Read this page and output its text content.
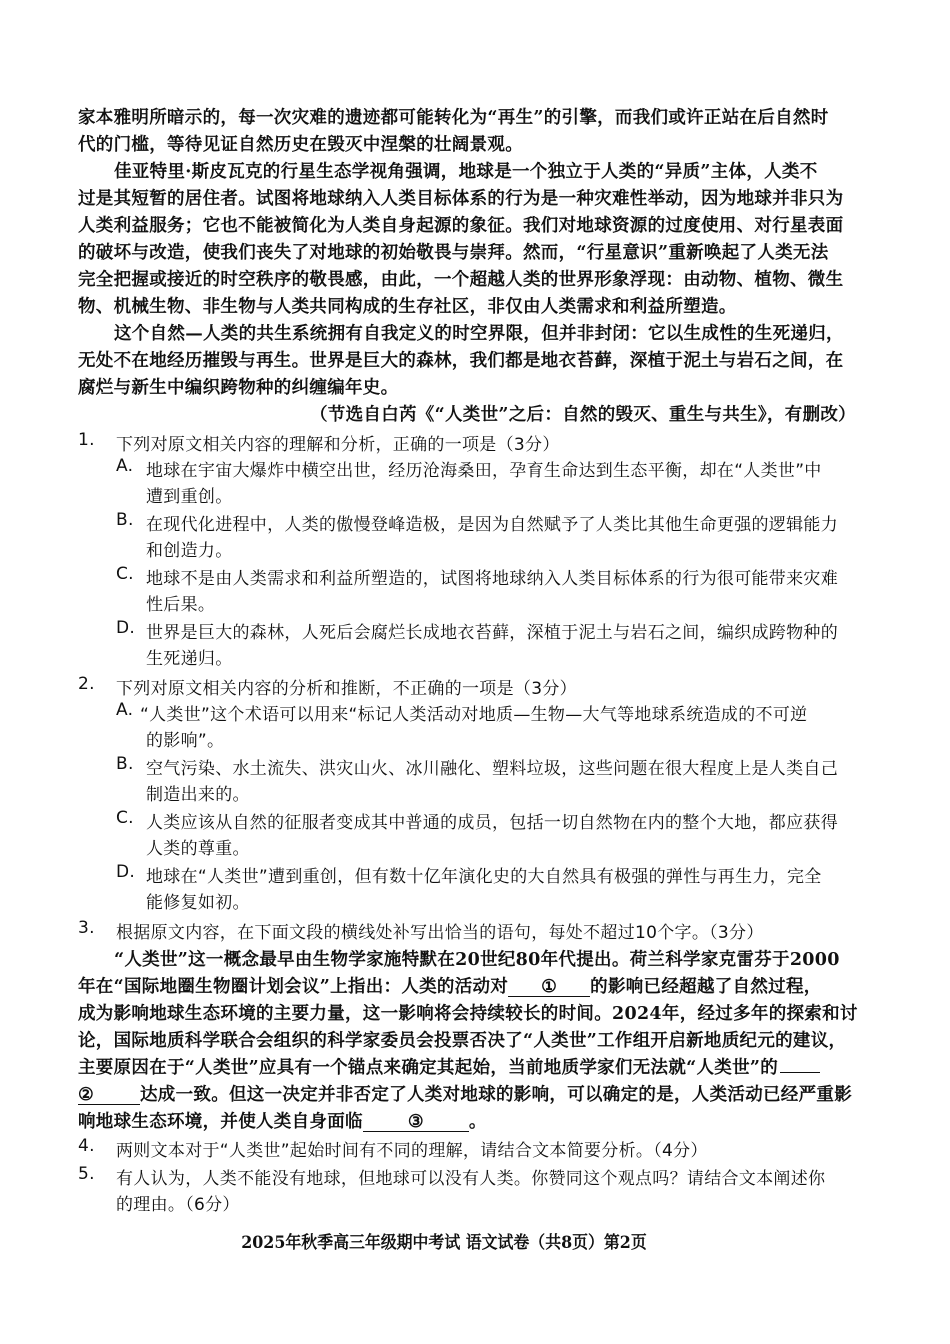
家本雅明所暗示的，每一次灾难的遗迹都可能转化为“再生”的引擎，而我们或许正站在后自然时
代的门槛，等待见证自然历史在毁灭中涅槃的壮阔景观。
佳亚特里·斯皮瓦克的行星生态学视角强调，地球是一个独立于人类的“异质”主体，人类不
过是其短暂的居住者。试图将地球纳入人类目标体系的行为是一种灾难性举动，因为地球并非只为
人类利益服务；它也不能被简化为人类自身起源的象征。我们对地球资源的过度使用、对行星表面
的破坏与改造，使我们丧失了对地球的初始敬畏与崇拜。然而，“行星意识”重新唤起了人类无法
完全把握或接近的时空秩序的敬畏感，由此，一个超越人类的世界形象浮现：由动物、植物、微生
物、机械生物、非生物与人类共同构成的生存社区，非仅由人类需求和利益所塑造。
这个自然—人类的共生系统拥有自我定义的时空界限，但并非封闭：它以生成性的生死递归，
无处不在地经历摧毁与再生。世界是巨大的森林，我们都是地衣苔藓，深植于泥土与岩石之间，在
腐烂与新生中编织跨物种的纠缠编年史。
（节选自白芮《“人类世”之后：自然的毁灭、重生与共生》，有删改）
1. 下列对原文相关内容的理解和分析，正确的一项是（3分）
A. 地球在宇宙大爆炸中横空出世，经历沧海桑田，孕育生命达到生态平衡，却在“人类世”中
遭到重创。
B. 在现代化进程中，人类的傲慢登峰造极，是因为自然赋予了人类比其他生命更强的逻辑能力
和创造力。
C. 地球不是由人类需求和利益所塑造的，试图将地球纳入人类目标体系的行为很可能带来灾难
性后果。
D. 世界是巨大的森林，人死后会腐烂长成地衣苔藓，深植于泥土与岩石之间，编织成跨物种的
生死递归。
2. 下列对原文相关内容的分析和推断，不正确的一项是（3分）
A. “人类世”这个术语可以用来“标记人类活动对地质—生物—大气等地球系统造成的不可逆
的影响”。
B. 空气污染、水土流失、洪灾山火、冰川融化、塑料垃圾，这些问题在很大程度上是人类自己
制造出来的。
C. 人类应该从自然的征服者变成其中普通的成员，包括一切自然物在内的整个大地，都应获得
人类的尊重。
D. 地球在“人类世”遭到重创，但有数十亿年演化史的大自然具有极强的弹性与再生力，完全
能修复如初。
3. 根据原文内容，在下面文段的横线处补写出恰当的语句，每处不超过10个字。（3分）
“人类世”这一概念最早由生物学家施特默在20世纪80年代提出。荷兰科学家克雷芬于2000
年在“国际地圈生物圈计划会议”上指出：人类的活动对 ① 的影响已经超越了自然过程，
成为影响地球生态环境的主要力量，这一影响将会持续较长的时间。2024年，经过多年的探索和讨
论，国际地质科学联合会组织的科学家委员会投票否决了“人类世”工作组开启新地质纪元的建议，
主要原因在于“人类世”应具有一个锚点来确定其起始，当前地质学家们无法就“人类世”的
②	达成一致。但这一决定并非否定了人类对地球的影响，可以确定的是，人类活动已经严重影
响地球生态环境，并使人类自身面临	③	。
4. 两则文本对于“人类世”起始时间有不同的理解，请结合文本简要分析。（4分）
5. 有人认为，人类不能没有地球，但地球可以没有人类。你赞同这个观点吗？请结合文本阐述你
的理由。（6分）
2025年秋季高三年级期中考试 语文试卷（共8页）第2页
